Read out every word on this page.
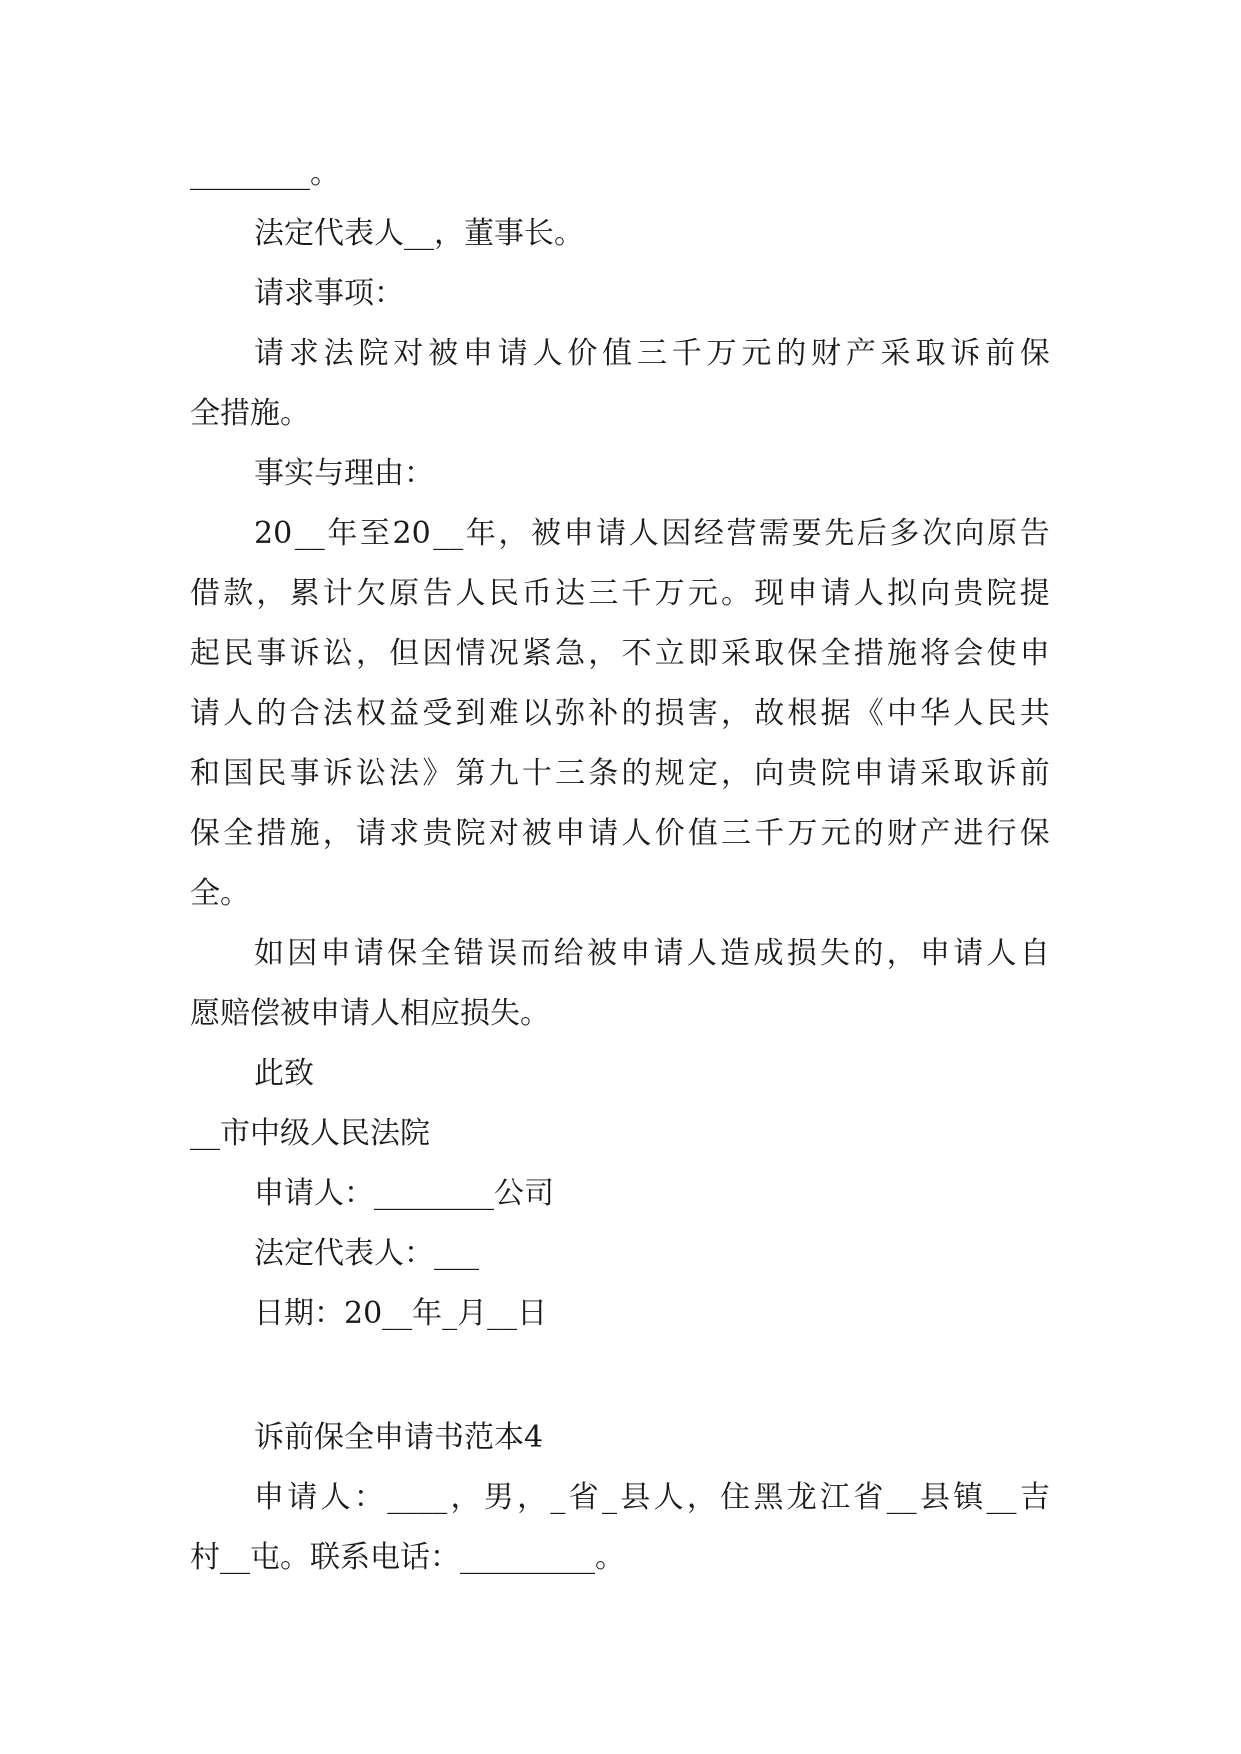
________。
法定代表人__，董事长。
请求事项：
请 求 法 院 对 被 申 请 人 价 值 三 千 万 元 的 财 产 采 取 诉 前 保
全措施。
事实与理由：
20 __ 年 至 20 __ 年 ， 被 申 请 人 因 经 营 需 要 先 后 多 次 向 原 告
借 款 ， 累 计 欠 原 告 人 民 币 达 三 千 万 元 。 现 申 请 人 拟 向 贵 院 提
起 民 事 诉 讼 ， 但 因 情 况 紧 急 ， 不 立 即 采 取 保 全 措 施 将 会 使 申
请 人 的 合 法 权 益 受 到 难 以 弥 补 的 损 害 ， 故 根 据 《 中 华 人 民 共
和 国 民 事 诉 讼 法 》 第 九 十 三 条 的 规 定 ， 向 贵 院 申 请 采 取 诉 前
保 全 措 施 ， 请 求 贵 院 对 被 申 请 人 价 值 三 千 万 元 的 财 产 进 行 保
全。
如 因 申 请 保 全 错 误 而 给 被 申 请 人 造 成 损 失 的 ， 申 请 人 自
愿赔偿被申请人相应损失。
此致
__市中级人民法院
申请人：________公司
法定代表人：___
日期：20__年_月__日
诉前保全申请书范本4
申 请 人 ： ____ ， 男 ， _ 省 _ 县 人 ， 住 黑 龙 江 省 __ 县 镇 __ 吉
村__屯。联系电话：_________。
